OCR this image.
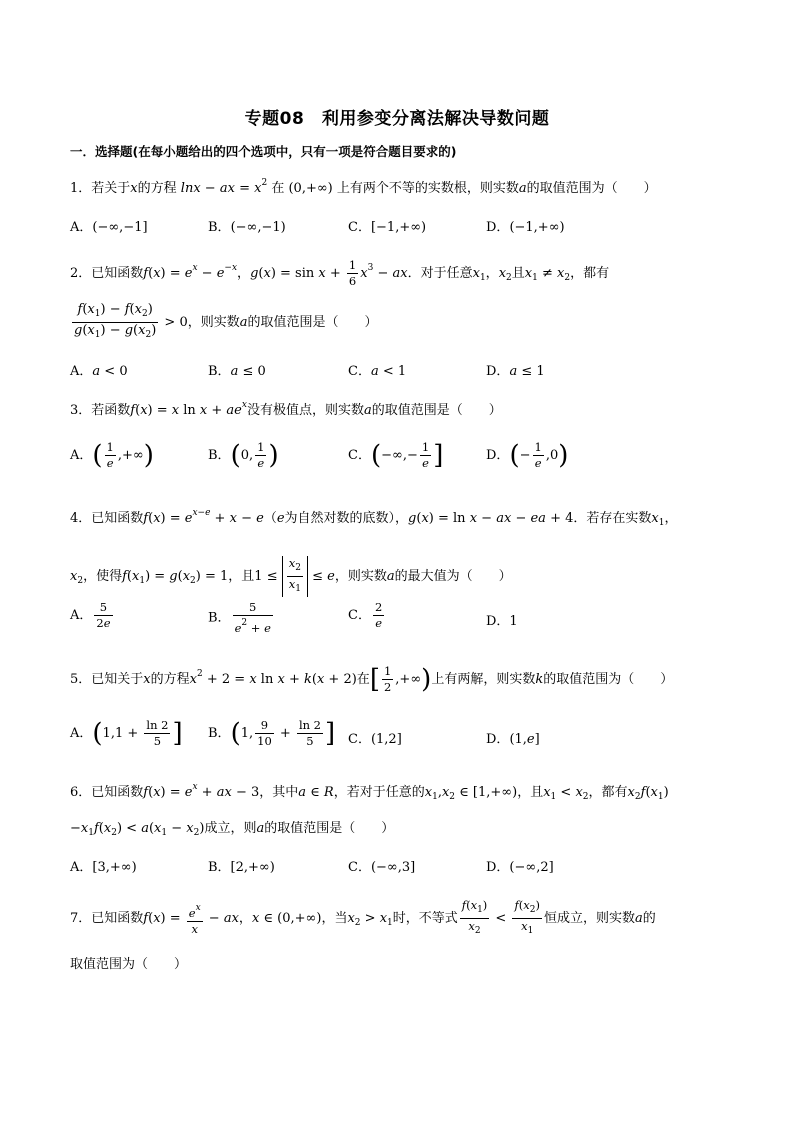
专题08　利用参变分离法解决导数问题
一．选择题(在每小题给出的四个选项中，只有一项是符合题目要求的)
1．若关于x的方程 lnx − ax = $x^2$ 在 (0,+∞) 上有两个不等的实数根，则实数a的取值范围为（　　）
A．(−∞,−1]	B．(−∞,−1)	C．[−1,+∞)	D．(−1,+∞)
2．已知函数$f(x) = e^x - e^{-x}$，$g(x) = \sin x + \frac{1}{6} x^3$ − ax．对于任意$x_1$，$x_2$且$x_1 \ne x_2$，都有
$\frac{f(x_1) - f(x_2)}{g(x_1) - g(x_2)} > 0$，则实数a的取值范围是（　　）
A．a < 0	B．a ≤ 0	C．a < 1	D．a ≤ 1
3．若函数f(x) = x $\ln x + ae^x$没有极值点，则实数a的取值范围是（　　）
A．( $\frac{1}{e}$ ,+∞)	B．(0, $\frac{1}{e}$ )	C．(−∞,− $\frac{1}{e}$ ]	D．(− $\frac{1}{e} ,0$)
4．已知函数$f(x) = e^{x-e} + x - e(e$为自然对数的底数），g(x) = ln x − ax − ea + 4．若存在实数$x_1$，
$x_2$，使得$f(x_1) = g(x_2) = 1$，且$1 \le \frac{x_2}{x_1} \le e$，则实数a的最大值为（　　）
A． $\frac{5}{2e}$	B． $\frac{5}{e^2 + e}$	C． $\frac{2}{e}$	D．1
5．已知关于x的方程$x^2 + 2 = x$ ln x + k(x + 2)在[ $\frac{1}{2}$ ,+∞)上有两解，则实数k的取值范围为（　　）
A．($1,1 + \frac{\ln 2}{5}$ ] B．(1, $\frac{9}{10} + \frac{\ln 2}{5}$ ] C．(1,2]	D．(1,e]
6．已知函数$f(x) = e^x$ + ax − 3，其中a ∈ R，若对于任意的$x_1,x_2$ ∈ [1,+∞)，且$x_1 < x_2$，都有$x_2f(x_1)$
$-x_1f(x_2) < a(x_1 - x_2)$成立，则a的取值范围是（　　）
A．[3,+∞)	B．[2,+∞)	C．(−∞,3]	D．(−∞,2]
7．已知函数$f(x) = \frac{e^x}{x}$ − ax，x ∈ (0,+∞)，当$x_2 > x_1$时，不等式 $\frac{f(x_1)}{x_2} < \frac{f(x_2)}{x_1}$ 恒成立，则实数a的
取值范围为（　　）
